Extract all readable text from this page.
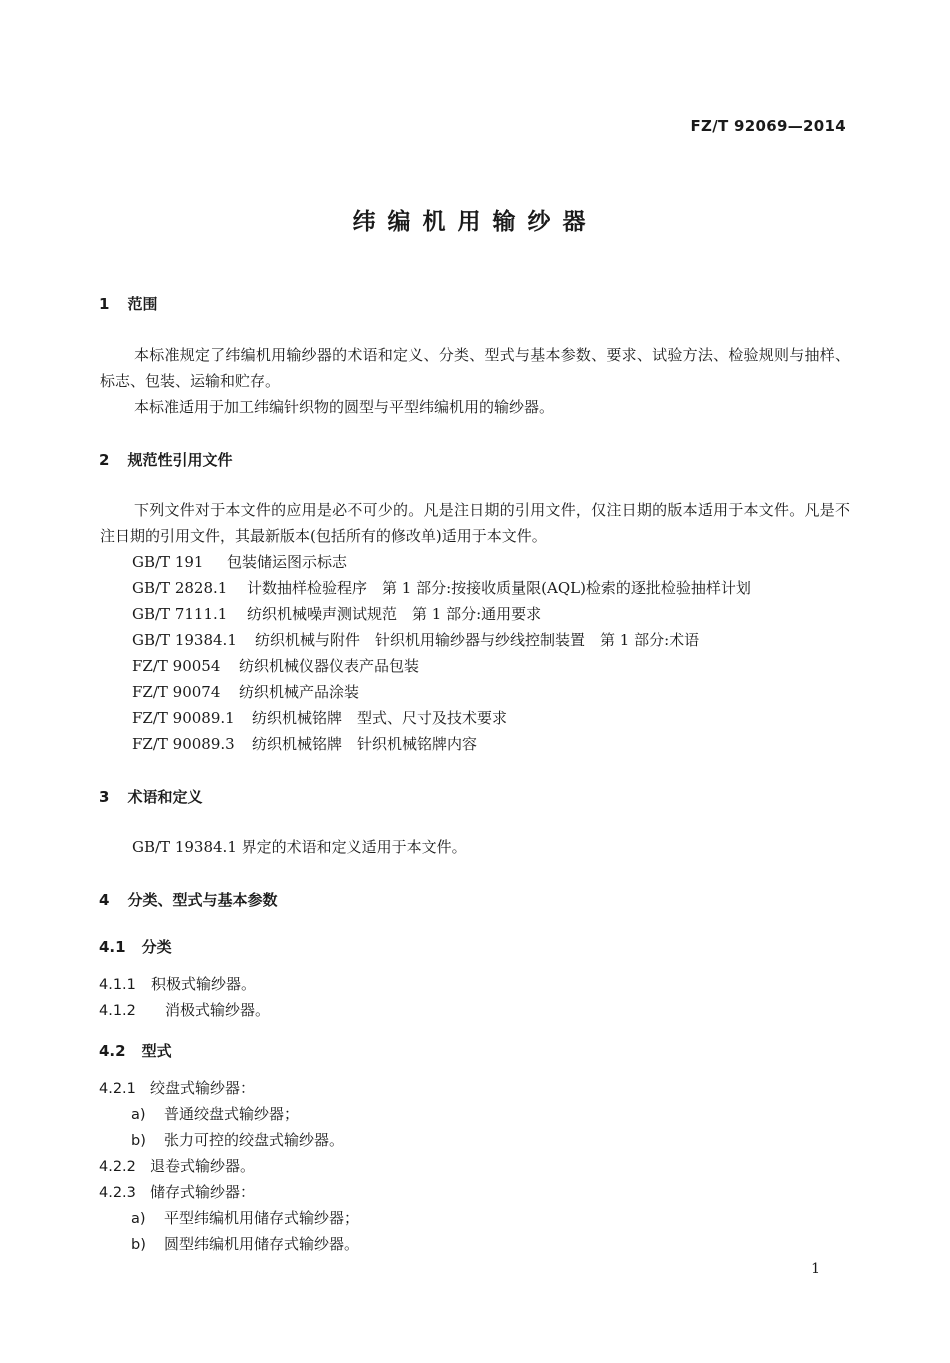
FZ/T 92069—2014
纬编机用输纱器
1 范围
本标准规定了纬编机用输纱器的术语和定义、分类、型式与基本参数、要求、试验方法、检验规则与抽样、标志、包装、运输和贮存。
本标准适用于加工纬编针织物的圆型与平型纬编机用的输纱器。
2 规范性引用文件
下列文件对于本文件的应用是必不可少的。凡是注日期的引用文件，仅注日期的版本适用于本文件。凡是不注日期的引用文件，其最新版本(包括所有的修改单)适用于本文件。
GB/T 191 包装储运图示标志
GB/T 2828.1 计数抽样检验程序　第 1 部分:按接收质量限(AQL)检索的逐批检验抽样计划
GB/T 7111.1 纺织机械噪声测试规范　第 1 部分:通用要求
GB/T 19384.1 纺织机械与附件　针织机用输纱器与纱线控制装置　第 1 部分:术语
FZ/T 90054 纺织机械仪器仪表产品包装
FZ/T 90074 纺织机械产品涂装
FZ/T 90089.1 纺织机械铭牌　型式、尺寸及技术要求
FZ/T 90089.3 纺织机械铭牌　针织机械铭牌内容
3 术语和定义
GB/T 19384.1 界定的术语和定义适用于本文件。
4 分类、型式与基本参数
4.1 分类
4.1.1 积极式输纱器。
4.1.2 消极式输纱器。
4.2 型式
4.2.1 绞盘式输纱器：
a) 普通绞盘式输纱器；
b) 张力可控的绞盘式输纱器。
4.2.2 退卷式输纱器。
4.2.3 储存式输纱器：
a) 平型纬编机用储存式输纱器；
b) 圆型纬编机用储存式输纱器。
1
